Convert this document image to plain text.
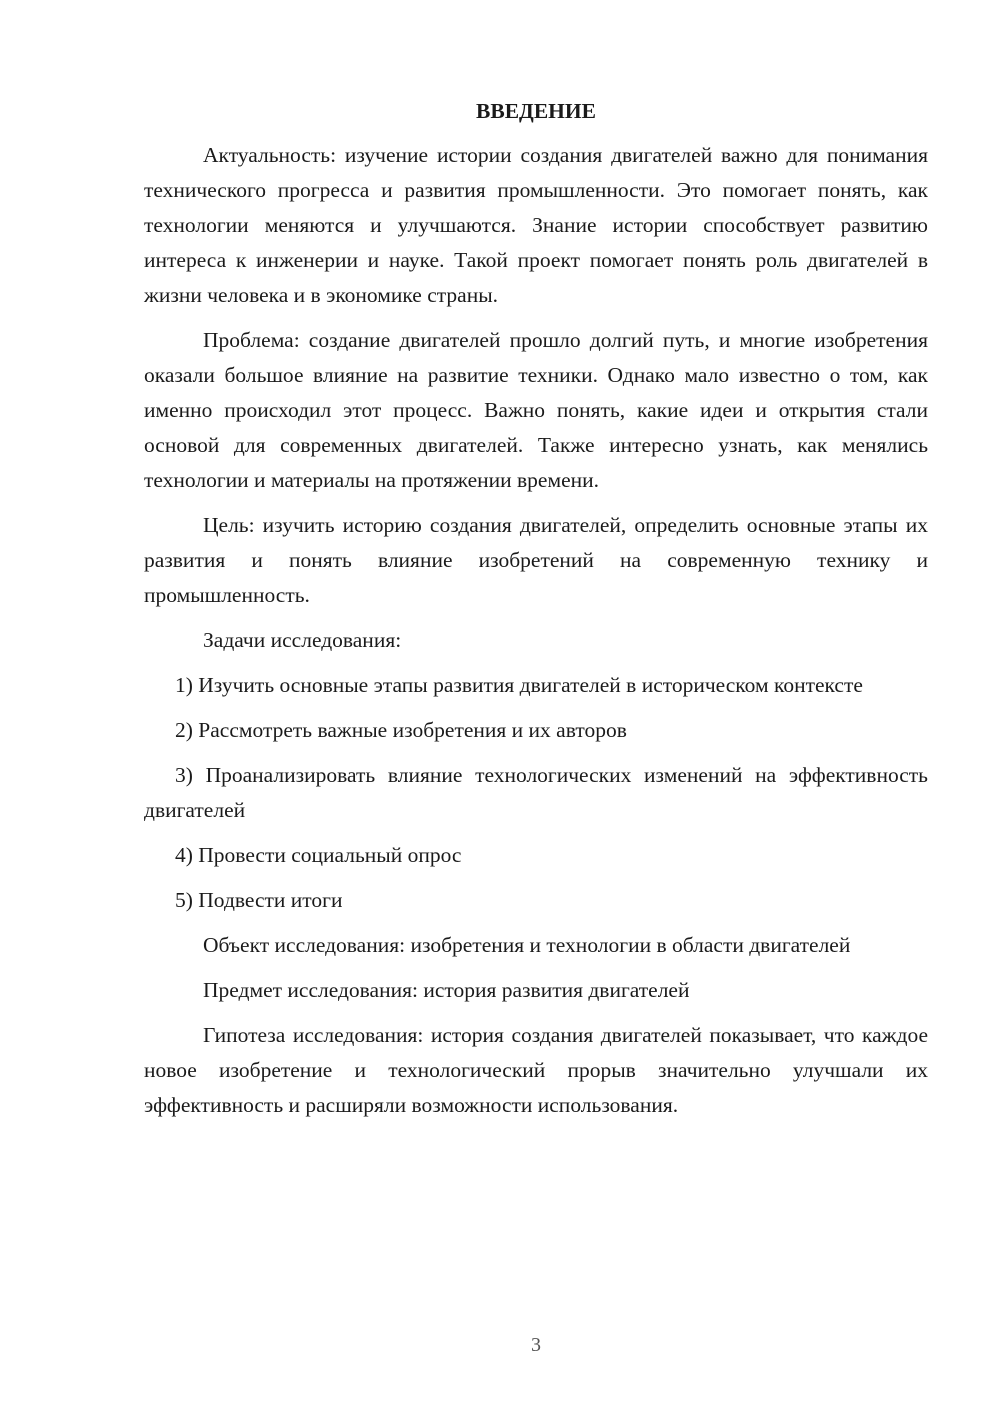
ВВЕДЕНИЕ

Актуальность: изучение истории создания двигателей важно для понимания технического прогресса и развития промышленности. Это помогает понять, как технологии меняются и улучшаются. Знание истории способствует развитию интереса к инженерии и науке. Такой проект помогает понять роль двигателей в жизни человека и в экономике страны.

Проблема: создание двигателей прошло долгий путь, и многие изобретения оказали большое влияние на развитие техники. Однако мало известно о том, как именно происходил этот процесс. Важно понять, какие идеи и открытия стали основой для современных двигателей. Также интересно узнать, как менялись технологии и материалы на протяжении времени.

Цель: изучить историю создания двигателей, определить основные этапы их развития и понять влияние изобретений на современную технику и промышленность.

Задачи исследования:

1) Изучить основные этапы развития двигателей в историческом контексте

2) Рассмотреть важные изобретения и их авторов

3) Проанализировать влияние технологических изменений на эффективность двигателей

4) Провести социальный опрос

5) Подвести итоги

Объект исследования: изобретения и технологии в области двигателей

Предмет исследования: история развития двигателей

Гипотеза исследования: история создания двигателей показывает, что каждое новое изобретение и технологический прорыв значительно улучшали их эффективность и расширяли возможности использования.

3
